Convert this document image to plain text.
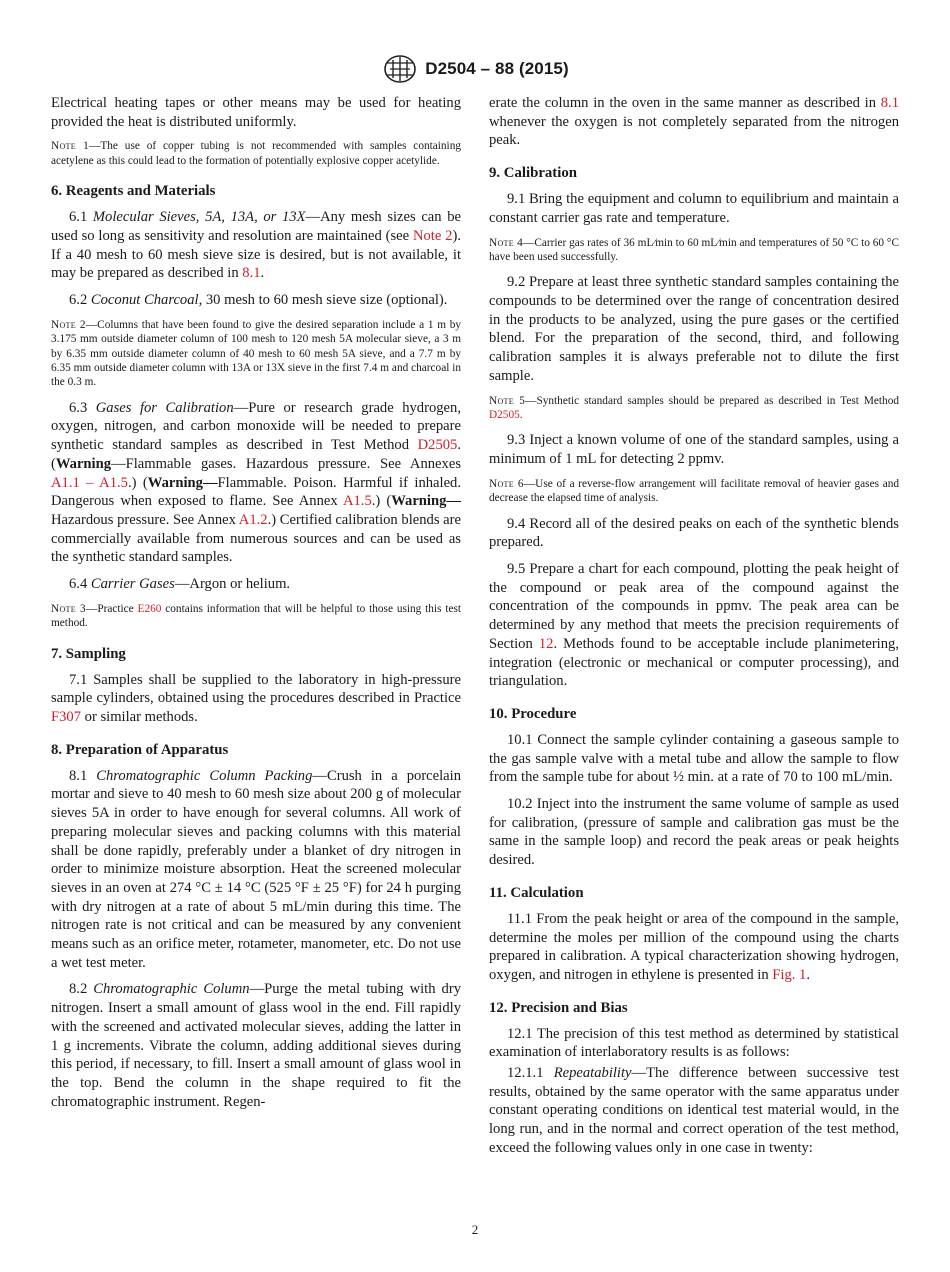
D2504 – 88 (2015)

Electrical heating tapes or other means may be used for heating provided the heat is distributed uniformly.

Note 1—The use of copper tubing is not recommended with samples containing acetylene as this could lead to the formation of potentially explosive copper acetylide.

6. Reagents and Materials

6.1 Molecular Sieves, 5A, 13A, or 13X—Any mesh sizes can be used so long as sensitivity and resolution are maintained (see Note 2). If a 40 mesh to 60 mesh sieve size is desired, but is not available, it may be prepared as described in 8.1.

6.2 Coconut Charcoal, 30 mesh to 60 mesh sieve size (optional).

Note 2—Columns that have been found to give the desired separation include a 1 m by 3.175 mm outside diameter column of 100 mesh to 120 mesh 5A molecular sieve, a 3 m by 6.35 mm outside diameter column of 40 mesh to 60 mesh 5A sieve, and a 7.7 m by 6.35 mm outside diameter column with 13A or 13X sieve in the first 7.4 m and charcoal in the 0.3 m.

6.3 Gases for Calibration—Pure or research grade hydrogen, oxygen, nitrogen, and carbon monoxide will be needed to prepare synthetic standard samples as described in Test Method D2505. (Warning—Flammable gases. Hazardous pressure. See Annexes A1.1 – A1.5.) (Warning—Flammable. Poison. Harmful if inhaled. Dangerous when exposed to flame. See Annex A1.5.) (Warning—Hazardous pressure. See Annex A1.2.) Certified calibration blends are commercially available from numerous sources and can be used as the synthetic standard samples.

6.4 Carrier Gases—Argon or helium.

Note 3—Practice E260 contains information that will be helpful to those using this test method.

7. Sampling

7.1 Samples shall be supplied to the laboratory in high-pressure sample cylinders, obtained using the procedures described in Practice F307 or similar methods.

8. Preparation of Apparatus

8.1 Chromatographic Column Packing—Crush in a porcelain mortar and sieve to 40 mesh to 60 mesh size about 200 g of molecular sieves 5A in order to have enough for several columns. All work of preparing molecular sieves and packing columns with this material shall be done rapidly, preferably under a blanket of dry nitrogen in order to minimize moisture absorption. Heat the screened molecular sieves in an oven at 274 °C ± 14 °C (525 °F ± 25 °F) for 24 h purging with dry nitrogen at a rate of about 5 mL/min during this time. The nitrogen rate is not critical and can be measured by any convenient means such as an orifice meter, rotameter, manometer, etc. Do not use a wet test meter.

8.2 Chromatographic Column—Purge the metal tubing with dry nitrogen. Insert a small amount of glass wool in the end. Fill rapidly with the screened and activated molecular sieves, adding the latter in 1 g increments. Vibrate the column, adding additional sieves during this period, if necessary, to fill. Insert a small amount of glass wool in the top. Bend the column in the shape required to fit the chromatographic instrument. Regen-

erate the column in the oven in the same manner as described in 8.1 whenever the oxygen is not completely separated from the nitrogen peak.

9. Calibration

9.1 Bring the equipment and column to equilibrium and maintain a constant carrier gas rate and temperature.

Note 4—Carrier gas rates of 36 mL⁄min to 60 mL⁄min and temperatures of 50 °C to 60 °C have been used successfully.

9.2 Prepare at least three synthetic standard samples containing the compounds to be determined over the range of concentration desired in the products to be analyzed, using the pure gases or the certified blend. For the preparation of the second, third, and following calibration samples it is always preferable not to dilute the first sample.

Note 5—Synthetic standard samples should be prepared as described in Test Method D2505.

9.3 Inject a known volume of one of the standard samples, using a minimum of 1 mL for detecting 2 ppmv.

Note 6—Use of a reverse-flow arrangement will facilitate removal of heavier gases and decrease the elapsed time of analysis.

9.4 Record all of the desired peaks on each of the synthetic blends prepared.

9.5 Prepare a chart for each compound, plotting the peak height of the compound or peak area of the compound against the concentration of the compounds in ppmv. The peak area can be determined by any method that meets the precision requirements of Section 12. Methods found to be acceptable include planimetering, integration (electronic or mechanical or computer processing), and triangulation.

10. Procedure

10.1 Connect the sample cylinder containing a gaseous sample to the gas sample valve with a metal tube and allow the sample to flow from the sample tube for about ½ min. at a rate of 70 to 100 mL/min.

10.2 Inject into the instrument the same volume of sample as used for calibration, (pressure of sample and calibration gas must be the same in the sample loop) and record the peak areas or peak heights desired.

11. Calculation

11.1 From the peak height or area of the compound in the sample, determine the moles per million of the compound using the charts prepared in calibration. A typical characterization showing hydrogen, oxygen, and nitrogen in ethylene is presented in Fig. 1.

12. Precision and Bias

12.1 The precision of this test method as determined by statistical examination of interlaboratory results is as follows:

12.1.1 Repeatability—The difference between successive test results, obtained by the same operator with the same apparatus under constant operating conditions on identical test material would, in the long run, and in the normal and correct operation of the test method, exceed the following values only in one case in twenty:

2
